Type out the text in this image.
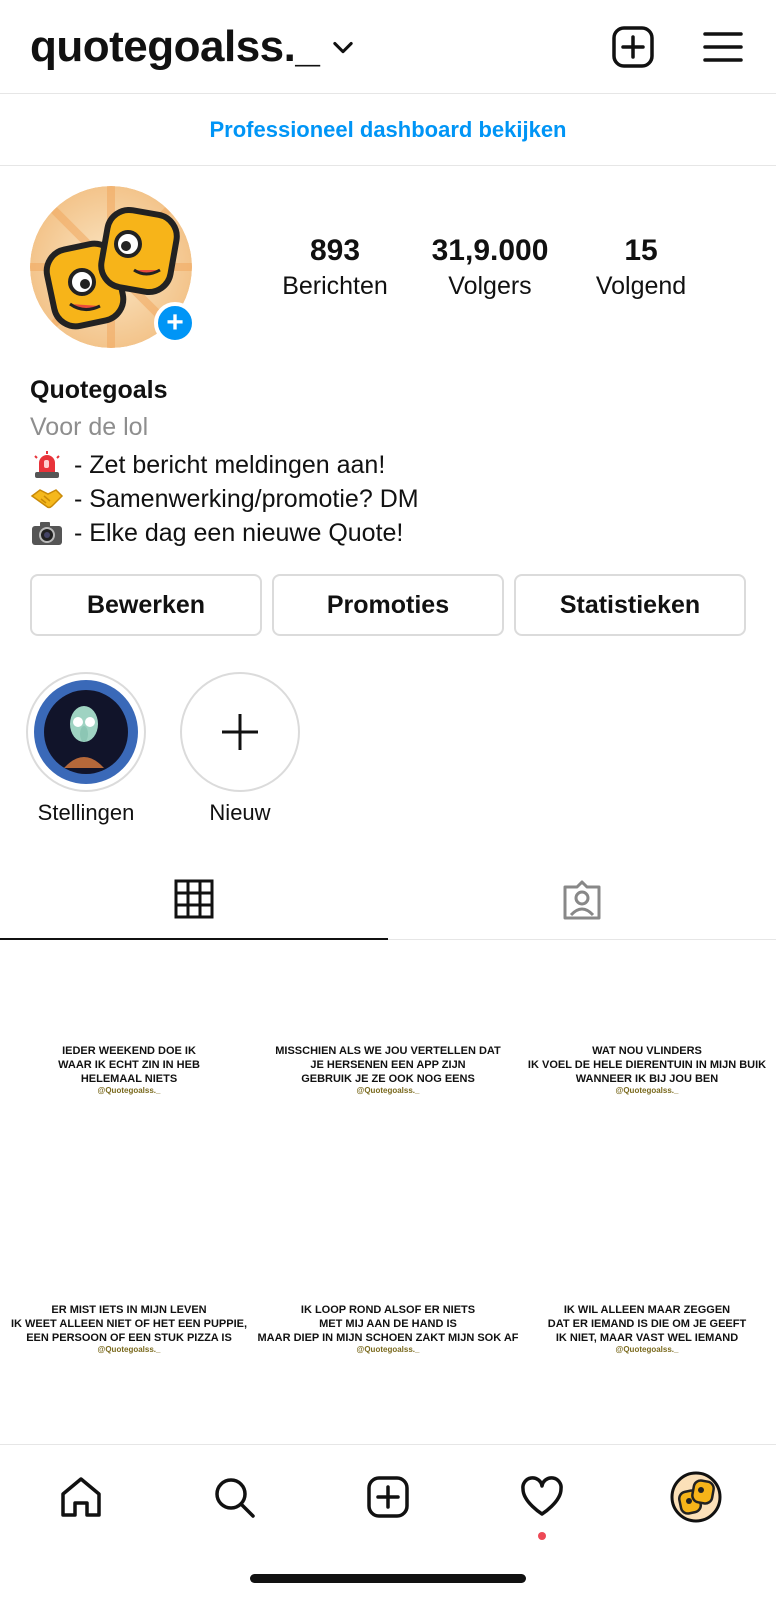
quotegoalss._
Professioneel dashboard bekijken
+
893
Berichten
31,9.000
Volgers
15
Volgend
Quotegoals
Voor de lol
- Zet bericht meldingen aan!
- Samenwerking/promotie? DM
- Elke dag een nieuwe Quote!
Bewerken	Promoties	Statistieken
Stellingen	Nieuw
IEDER WEEKEND DOE IK
WAAR IK ECHT ZIN IN HEB
HELEMAAL NIETS
@Quotegoalss._
MISSCHIEN ALS WE JOU VERTELLEN DAT
JE HERSENEN EEN APP ZIJN
GEBRUIK JE ZE OOK NOG EENS
@Quotegoalss._
WAT NOU VLINDERS
IK VOEL DE HELE DIERENTUIN IN MIJN BUIK
WANNEER IK BIJ JOU BEN
@Quotegoalss._
ER MIST IETS IN MIJN LEVEN
IK WEET ALLEEN NIET OF HET EEN PUPPIE,
EEN PERSOON OF EEN STUK PIZZA IS
@Quotegoalss._
IK LOOP ROND ALSOF ER NIETS
MET MIJ AAN DE HAND IS
MAAR DIEP IN MIJN SCHOEN ZAKT MIJN SOK AF
@Quotegoalss._
IK WIL ALLEEN MAAR ZEGGEN
DAT ER IEMAND IS DIE OM JE GEEFT
IK NIET, MAAR VAST WEL IEMAND
@Quotegoalss._
